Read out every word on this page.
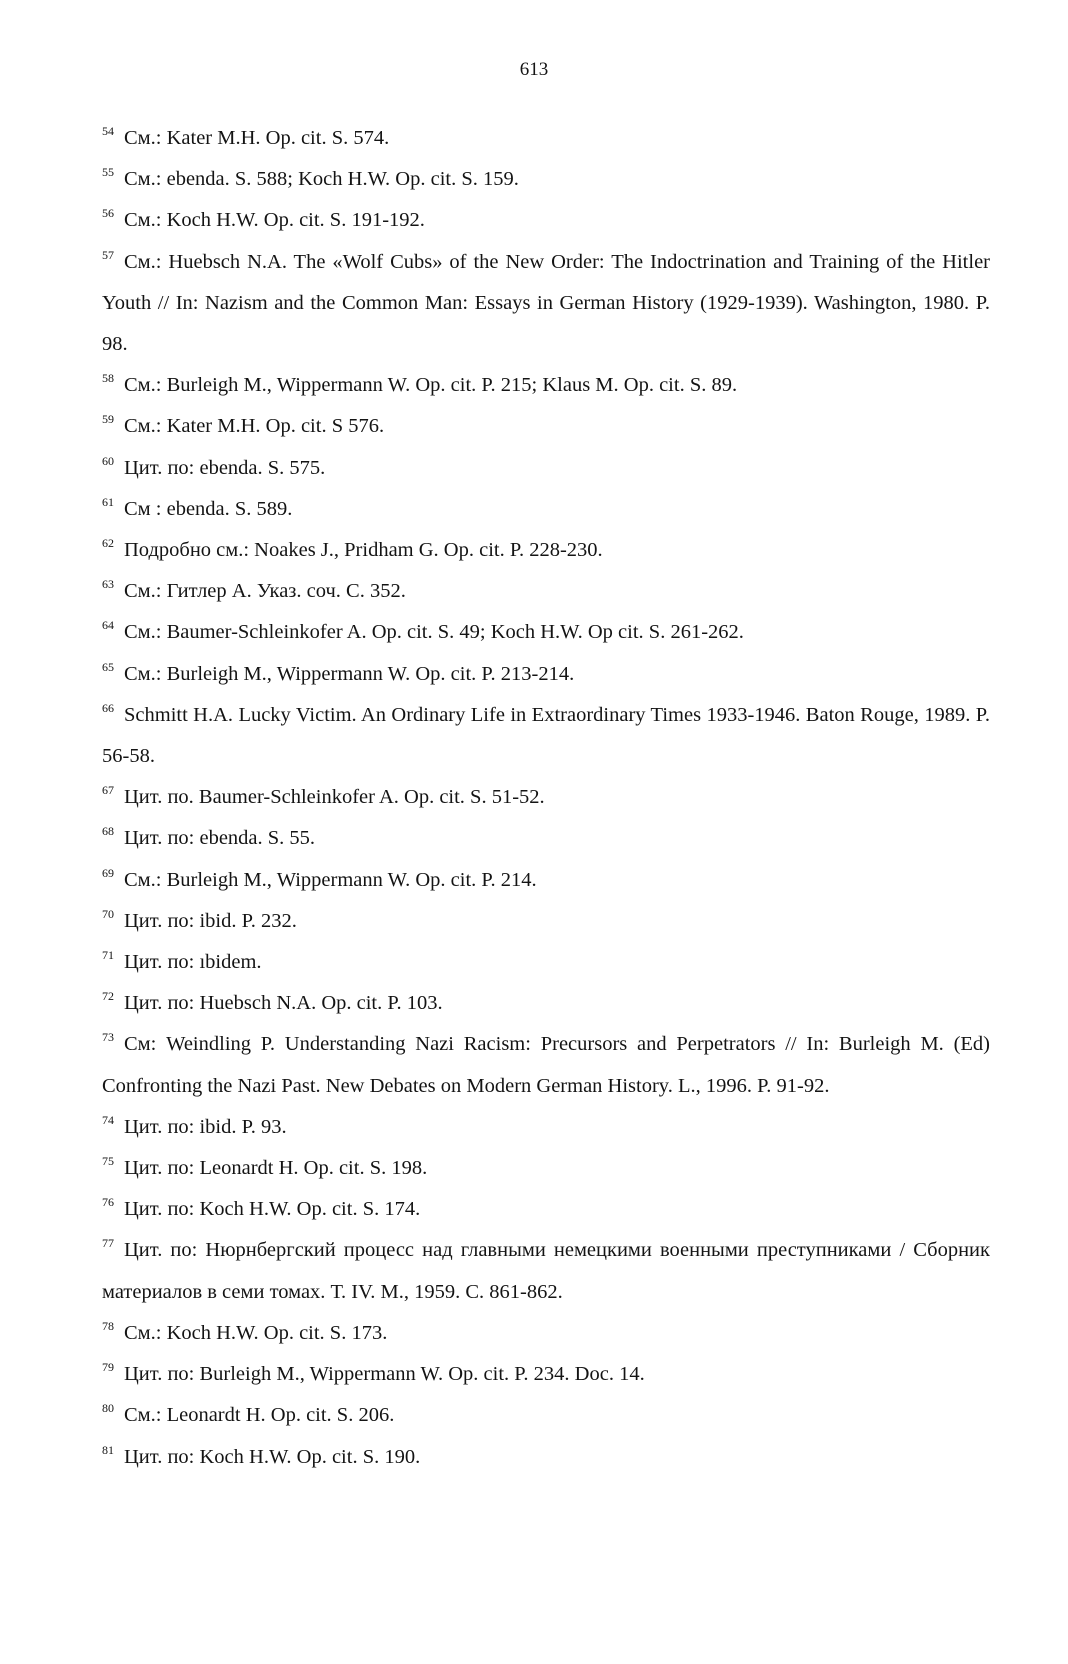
613
$^{54}$ См.: Kater M.H. Op. cit. S. 574.
$^{55}$ См.: ebenda. S. 588; Koch H.W. Op. cit. S. 159.
$^{56}$ См.: Koch H.W. Op. cit. S. 191-192.
$^{57}$ См.: Huebsch N.A. The «Wolf Cubs» of the New Order: The Indoctrination and Training of the Hitler Youth // In: Nazism and the Common Man: Essays in German History (1929-1939). Washington, 1980. P. 98.
$^{58}$ См.: Burleigh M., Wippermann W. Op. cit. P. 215; Klaus M. Op. cit. S. 89.
$^{59}$ См.: Kater M.H. Op. cit. S 576.
$^{60}$ Цит. по: ebenda. S. 575.
$^{61}$ См : ebenda. S. 589.
$^{62}$ Подробно см.: Noakes J., Pridham G. Op. cit. P. 228-230.
$^{63}$ См.: Гитлер А. Указ. соч. С. 352.
$^{64}$ См.: Baumer-Schleinkofer A. Op. cit. S. 49; Koch H.W. Op cit. S. 261-262.
$^{65}$ См.: Burleigh M., Wippermann W. Op. cit. P. 213-214.
$^{66}$ Schmitt H.A. Lucky Victim. An Ordinary Life in Extraordinary Times 1933-1946. Baton Rouge, 1989. P. 56-58.
$^{67}$ Цит. по. Baumer-Schleinkofer A. Op. cit. S. 51-52.
$^{68}$ Цит. по: ebenda. S. 55.
$^{69}$ См.: Burleigh M., Wippermann W. Op. cit. P. 214.
$^{70}$ Цит. по: ibid. P. 232.
$^{71}$ Цит. по: ıbidem.
$^{72}$ Цит. по: Huebsch N.A. Op. cit. P. 103.
$^{73}$ См: Weindling P. Understanding Nazi Racism: Precursors and Perpetrators // In: Burleigh M. (Ed) Confronting the Nazi Past. New Debates on Modern German History. L., 1996. P. 91-92.
$^{74}$ Цит. по: ibid. P. 93.
$^{75}$ Цит. по: Leonardt H. Op. cit. S. 198.
$^{76}$ Цит. по: Koch H.W. Op. cit. S. 174.
$^{77}$ Цит. по: Нюрнбергский процесс над главными немецкими военными преступниками / Сборник материалов в семи томах. Т. IV. М., 1959. С. 861-862.
$^{78}$ См.: Koch H.W. Op. cit. S. 173.
$^{79}$ Цит. по: Burleigh M., Wippermann W. Op. cit. P. 234. Doc. 14.
$^{80}$ См.: Leonardt H. Op. cit. S. 206.
$^{81}$ Цит. по: Koch H.W. Op. cit. S. 190.
